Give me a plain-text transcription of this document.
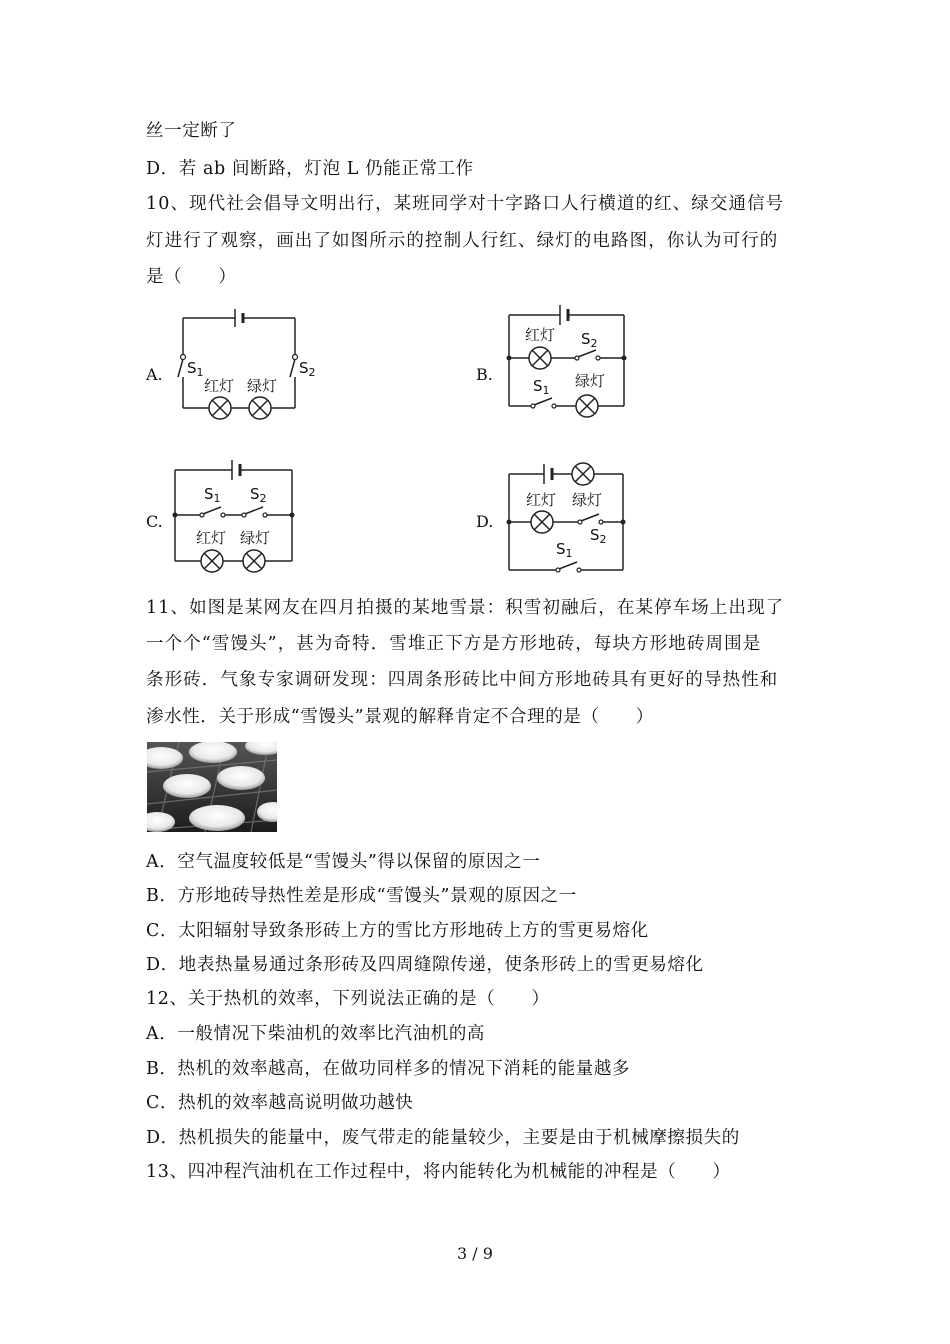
丝一定断了
D．若 ab 间断路，灯泡 L 仍能正常工作
10、现代社会倡导文明出行，某班同学对十字路口人行横道的红、绿交通信号
灯进行了观察，画出了如图所示的控制人行红、绿灯的电路图，你认为可行的
是（　　）
A.	B.
C.	D.
$S_1$	$S_2$
红灯 绿灯
红灯 $S_2$
$S_1$
绿灯
$S_1$ $S_2$
红灯 绿灯
红灯 绿灯
$S_2$
$S_1$
11、如图是某网友在四月拍摄的某地雪景：积雪初融后，在某停车场上出现了
一个个“雪馒头”，甚为奇特．雪堆正下方是方形地砖，每块方形地砖周围是
条形砖．气象专家调研发现：四周条形砖比中间方形地砖具有更好的导热性和
渗水性．关于形成“雪馒头”景观的解释肯定不合理的是（　　）
A．空气温度较低是“雪馒头”得以保留的原因之一
B．方形地砖导热性差是形成“雪馒头”景观的原因之一
C．太阳辐射导致条形砖上方的雪比方形地砖上方的雪更易熔化
D．地表热量易通过条形砖及四周缝隙传递，使条形砖上的雪更易熔化
12、关于热机的效率，下列说法正确的是（　　）
A．一般情况下柴油机的效率比汽油机的高
B．热机的效率越高，在做功同样多的情况下消耗的能量越多
C．热机的效率越高说明做功越快
D．热机损失的能量中，废气带走的能量较少，主要是由于机械摩擦损失的
13、四冲程汽油机在工作过程中，将内能转化为机械能的冲程是（　　）
3 / 9
